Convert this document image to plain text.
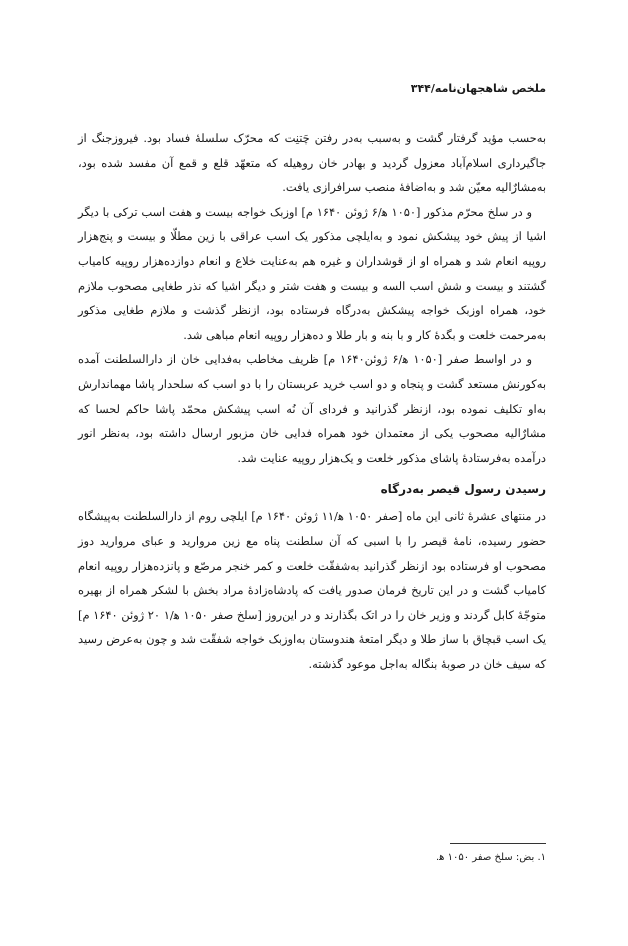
ملخص شاهجهان‌نامه/۳۴۴

به‌حسب مؤید گرفتار گشت و به‌سبب به‌در رفتن چَتنِت که محرّک سلسلهٔ فساد بود. فیروزجنگ از جاگیرداری اسلام‌آباد معزول گردید و بهادر خان روهیله که متعهّد قلع و قمع آن مفسد شده بود، به‌مشارٌالیه معیّن شد و به‌اضافهٔ منصب سرافرازی یافت.

و در سلخ محرّم مذکور [۱۰۵۰ ه‍/۶ ژوئن ۱۶۴۰ م] اوزبک خواجه بیست و هفت اسب ترکی با دیگر اشیا از پیش خود پیشکش نمود و به‌ایلچی مذکور یک اسب عراقی با زین مطلّا و بیست و پنج‌هزار روپیه انعام شد و همراه او از قوشداران و غیره هم به‌عنایت خلاع و انعام دوازده‌هزار روپیه کامیاب گشتند و بیست و شش اسب السه و بیست و هفت شتر و دیگر اشیا که نذر طغایی مصحوب ملازم خود، همراه اوزبک خواجه پیشکش به‌درگاه فرستاده بود، ازنظر گذشت و ملازم طغایی مذکور به‌مرحمت خلعت و بگدهٔ کار و با بنه و بار طلا و ده‌هزار روپیه انعام مباهی شد.

و در اواسط صفر [۱۰۵۰ ه‍/۶ ژوئن۱۶۴۰ م] ظریف مخاطب به‌فدایی خان از دارالسلطنت آمده به‌کورنش مستعد گشت و پنجاه و دو اسب خرید عربستان را با دو اسب که سلحدار پاشا مهماندارش به‌او تکلیف نموده بود، ازنظر گذرانید و فردای آن نُه اسب پیشکش محمّد پاشا حاکم لحسا که مشارٌالیه مصحوب یکی از معتمدان خود همراه فدایی خان مزبور ارسال داشته بود، به‌نظر انور درآمده به‌فرستادهٔ پاشای مذکور خلعت و یک‌هزار روپیه عنایت شد.

رسیدن رسول قیصر به‌درگاه

در منتهای عشرهٔ ثانی این ماه [صفر ۱۰۵۰ ه‍/۱۱ ژوئن ۱۶۴۰ م] ایلچی روم از دارالسلطنت به‌پیشگاه حضور رسیده، نامهٔ قیصر را با اسبی که آن سلطنت پناه مع زین مروارید و عبای مروارید دوز مصحوب او فرستاده بود ازنظر گذرانید به‌شفقّت خلعت و کمر خنجر مرصّع و پانزده‌هزار روپیه انعام کامیاب گشت و در این تاریخ فرمان صدور یافت که پادشاه‌زادهٔ مراد بخش با لشکر همراه از بهیره متوجّهٔ کابل گردند و وزیر خان را در اتک بگذارند و در این‌روز [سلخ صفر ۱۰۵۰ ه‍/۱ ۲۰ ژوئن ۱۶۴۰ م] یک اسب قبچاق با ساز طلا و دیگر امتعهٔ هندوستان به‌اوزبک خواجه شفقّت شد و چون به‌عرض رسید که سیف خان در صوبهٔ بنگاله به‌اجل موعود گذشته.

۱. بض: سلخ صفر ۱۰۵۰ ه‍.
